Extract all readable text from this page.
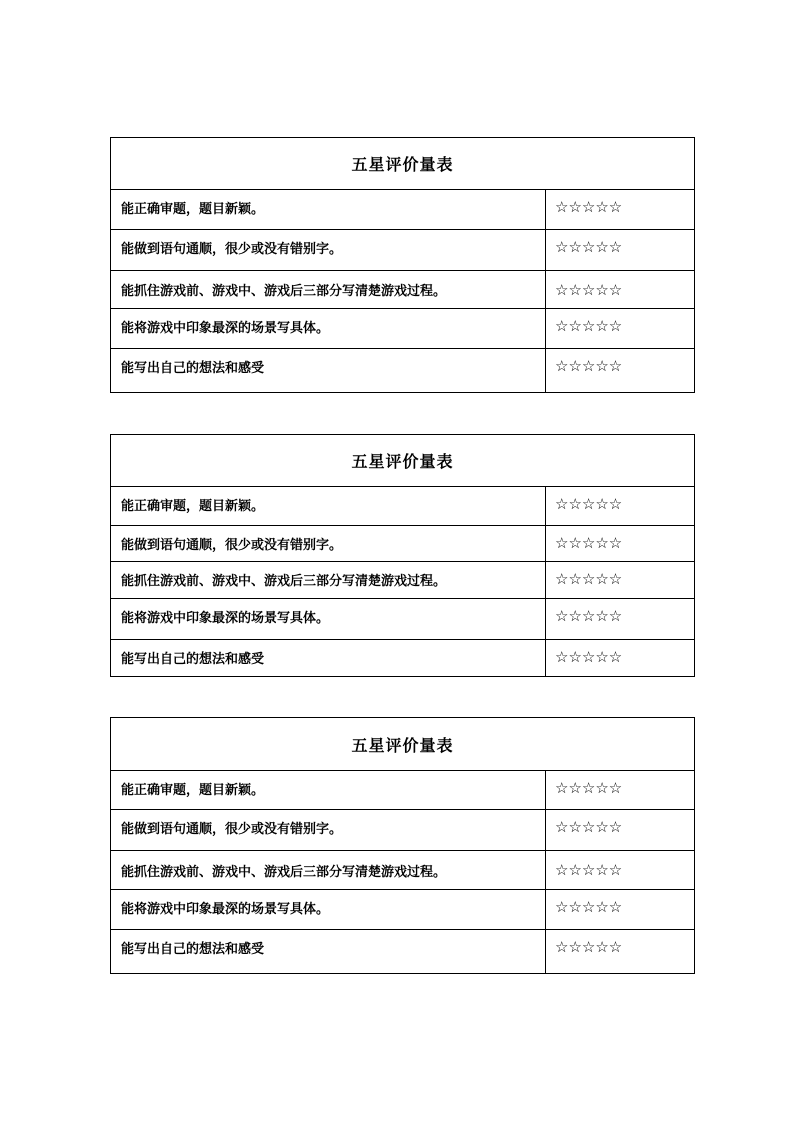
五星评价量表	
能正确审题，题目新颖。	☆☆☆☆☆
能做到语句通顺，很少或没有错别字。	☆☆☆☆☆
能抓住游戏前、游戏中、游戏后三部分写清楚游戏过程。	☆☆☆☆☆
能将游戏中印象最深的场景写具体。	☆☆☆☆☆
能写出自己的想法和感受	☆☆☆☆☆
五星评价量表	
能正确审题，题目新颖。	☆☆☆☆☆
能做到语句通顺，很少或没有错别字。	☆☆☆☆☆
能抓住游戏前、游戏中、游戏后三部分写清楚游戏过程。	☆☆☆☆☆
能将游戏中印象最深的场景写具体。	☆☆☆☆☆
能写出自己的想法和感受	☆☆☆☆☆
五星评价量表	
能正确审题，题目新颖。	☆☆☆☆☆
能做到语句通顺，很少或没有错别字。	☆☆☆☆☆
能抓住游戏前、游戏中、游戏后三部分写清楚游戏过程。	☆☆☆☆☆
能将游戏中印象最深的场景写具体。	☆☆☆☆☆
能写出自己的想法和感受	☆☆☆☆☆
